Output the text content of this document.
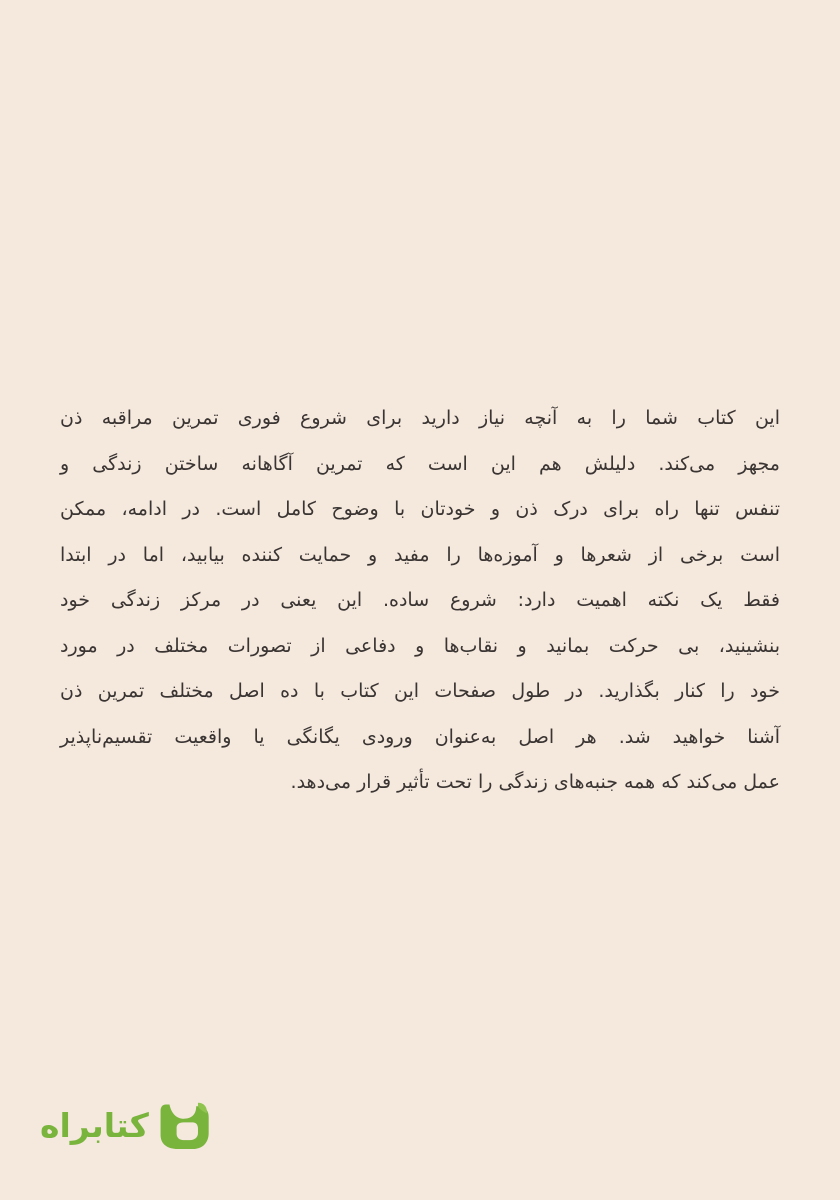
این کتاب شما را به آنچه نیاز دارید برای شروع فوری تمرین مراقبه ذن
مجهز می‌کند. دلیلش هم این است که تمرین آگاهانه ساختن زندگی و
تنفس تنها راه برای درک ذن و خودتان با وضوح کامل است. در ادامه، ممکن
است برخی از شعرها و آموزه‌ها را مفید و حمایت کننده بیابید، اما در ابتدا
فقط یک نکته اهمیت دارد: شروع ساده. این یعنی در مرکز زندگی خود
بنشینید، بی حرکت بمانید و نقاب‌ها و دفاعی از تصورات مختلف در مورد
خود را کنار بگذارید. در طول صفحات این کتاب با ده اصل مختلف تمرین ذن
آشنا خواهید شد. هر اصل به‌عنوان ورودی یگانگی یا واقعیت تقسیم‌ناپذیر
عمل می‌کند که همه جنبه‌های زندگی را تحت تأثیر قرار می‌دهد.
کتابراه
